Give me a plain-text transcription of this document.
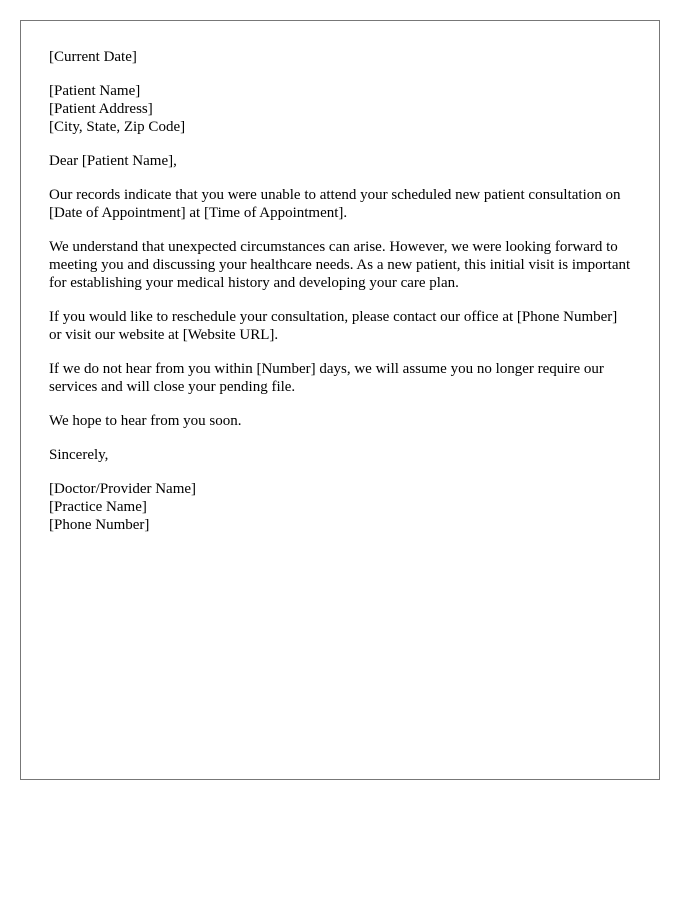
[Current Date]

[Patient Name]
[Patient Address]
[City, State, Zip Code]

Dear [Patient Name],

Our records indicate that you were unable to attend your scheduled new patient consultation on [Date of Appointment] at [Time of Appointment].

We understand that unexpected circumstances can arise. However, we were looking forward to meeting you and discussing your healthcare needs. As a new patient, this initial visit is important for establishing your medical history and developing your care plan.

If you would like to reschedule your consultation, please contact our office at [Phone Number] or visit our website at [Website URL].

If we do not hear from you within [Number] days, we will assume you no longer require our services and will close your pending file.

We hope to hear from you soon.

Sincerely,

[Doctor/Provider Name]
[Practice Name]
[Phone Number]
